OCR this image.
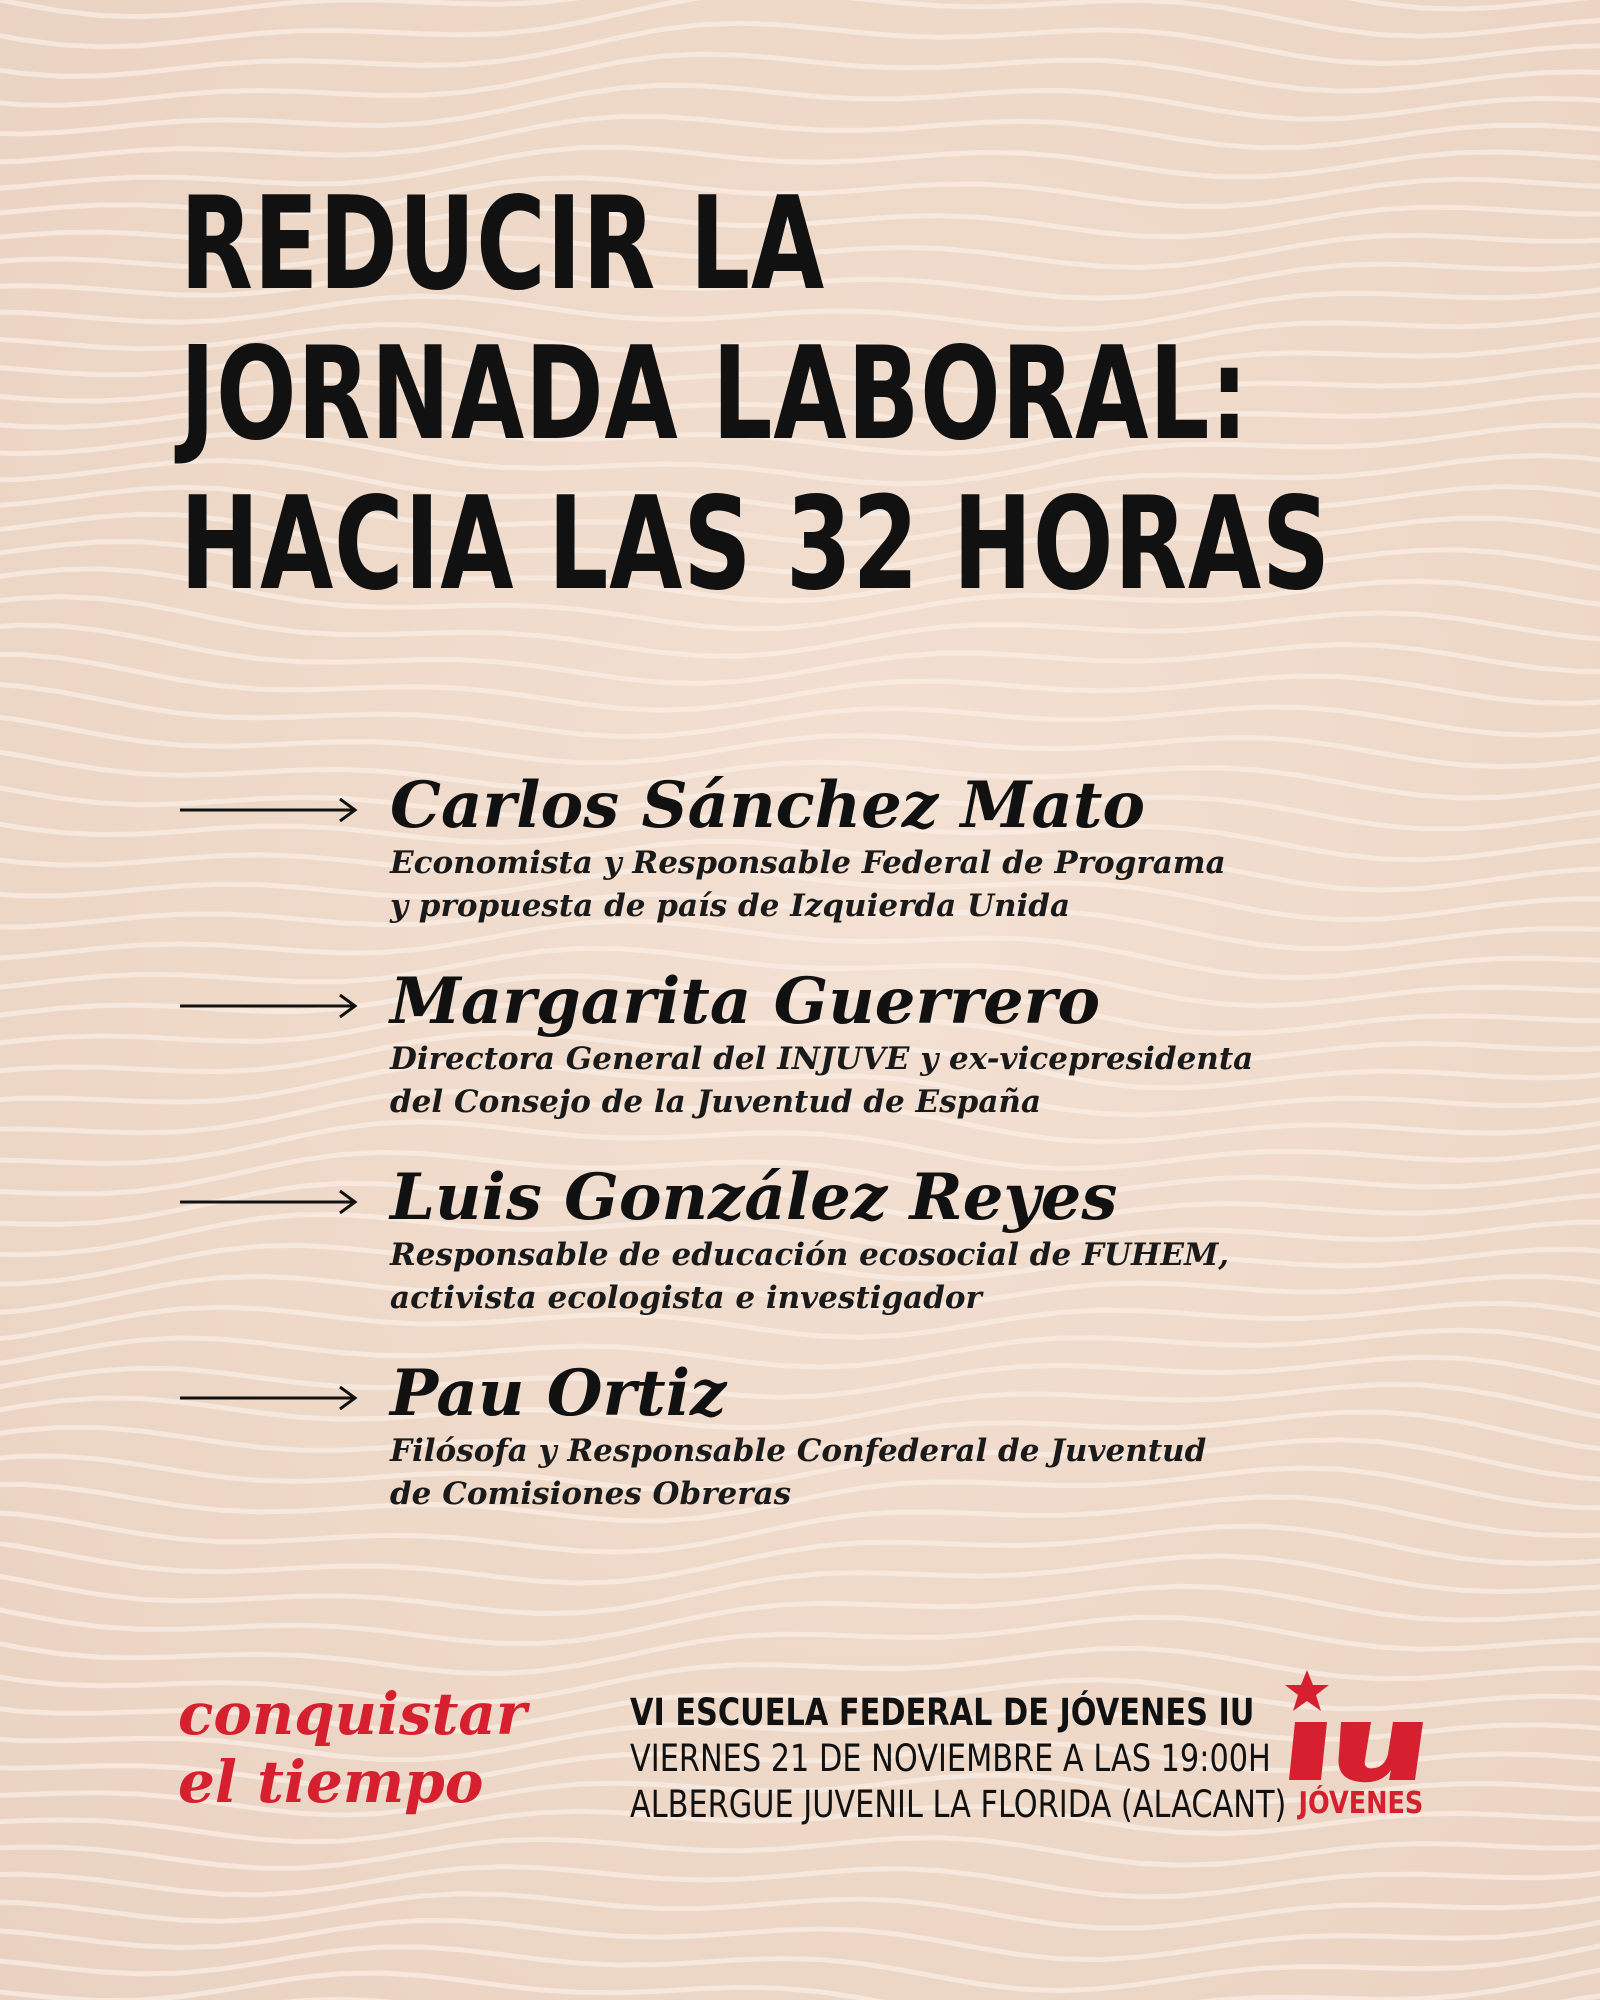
REDUCIR LA
JORNADA LABORAL:
HACIA LAS 32 HORAS
Carlos Sánchez Mato
Economista y Responsable Federal de Programa
y propuesta de país de Izquierda Unida
Margarita Guerrero
Directora General del INJUVE y ex-vicepresidenta
del Consejo de la Juventud de España
Luis González Reyes
Responsable de educación ecosocial de FUHEM,
activista ecologista e investigador
Pau Ortiz
Filósofa y Responsable Confederal de Juventud
de Comisiones Obreras
conquistar
el tiempo
VI ESCUELA FEDERAL DE JÓVENES IU
VIERNES 21 DE NOVIEMBRE A LAS 19:00H
ALBERGUE JUVENIL LA FLORIDA (ALACANT) JÓVENES
